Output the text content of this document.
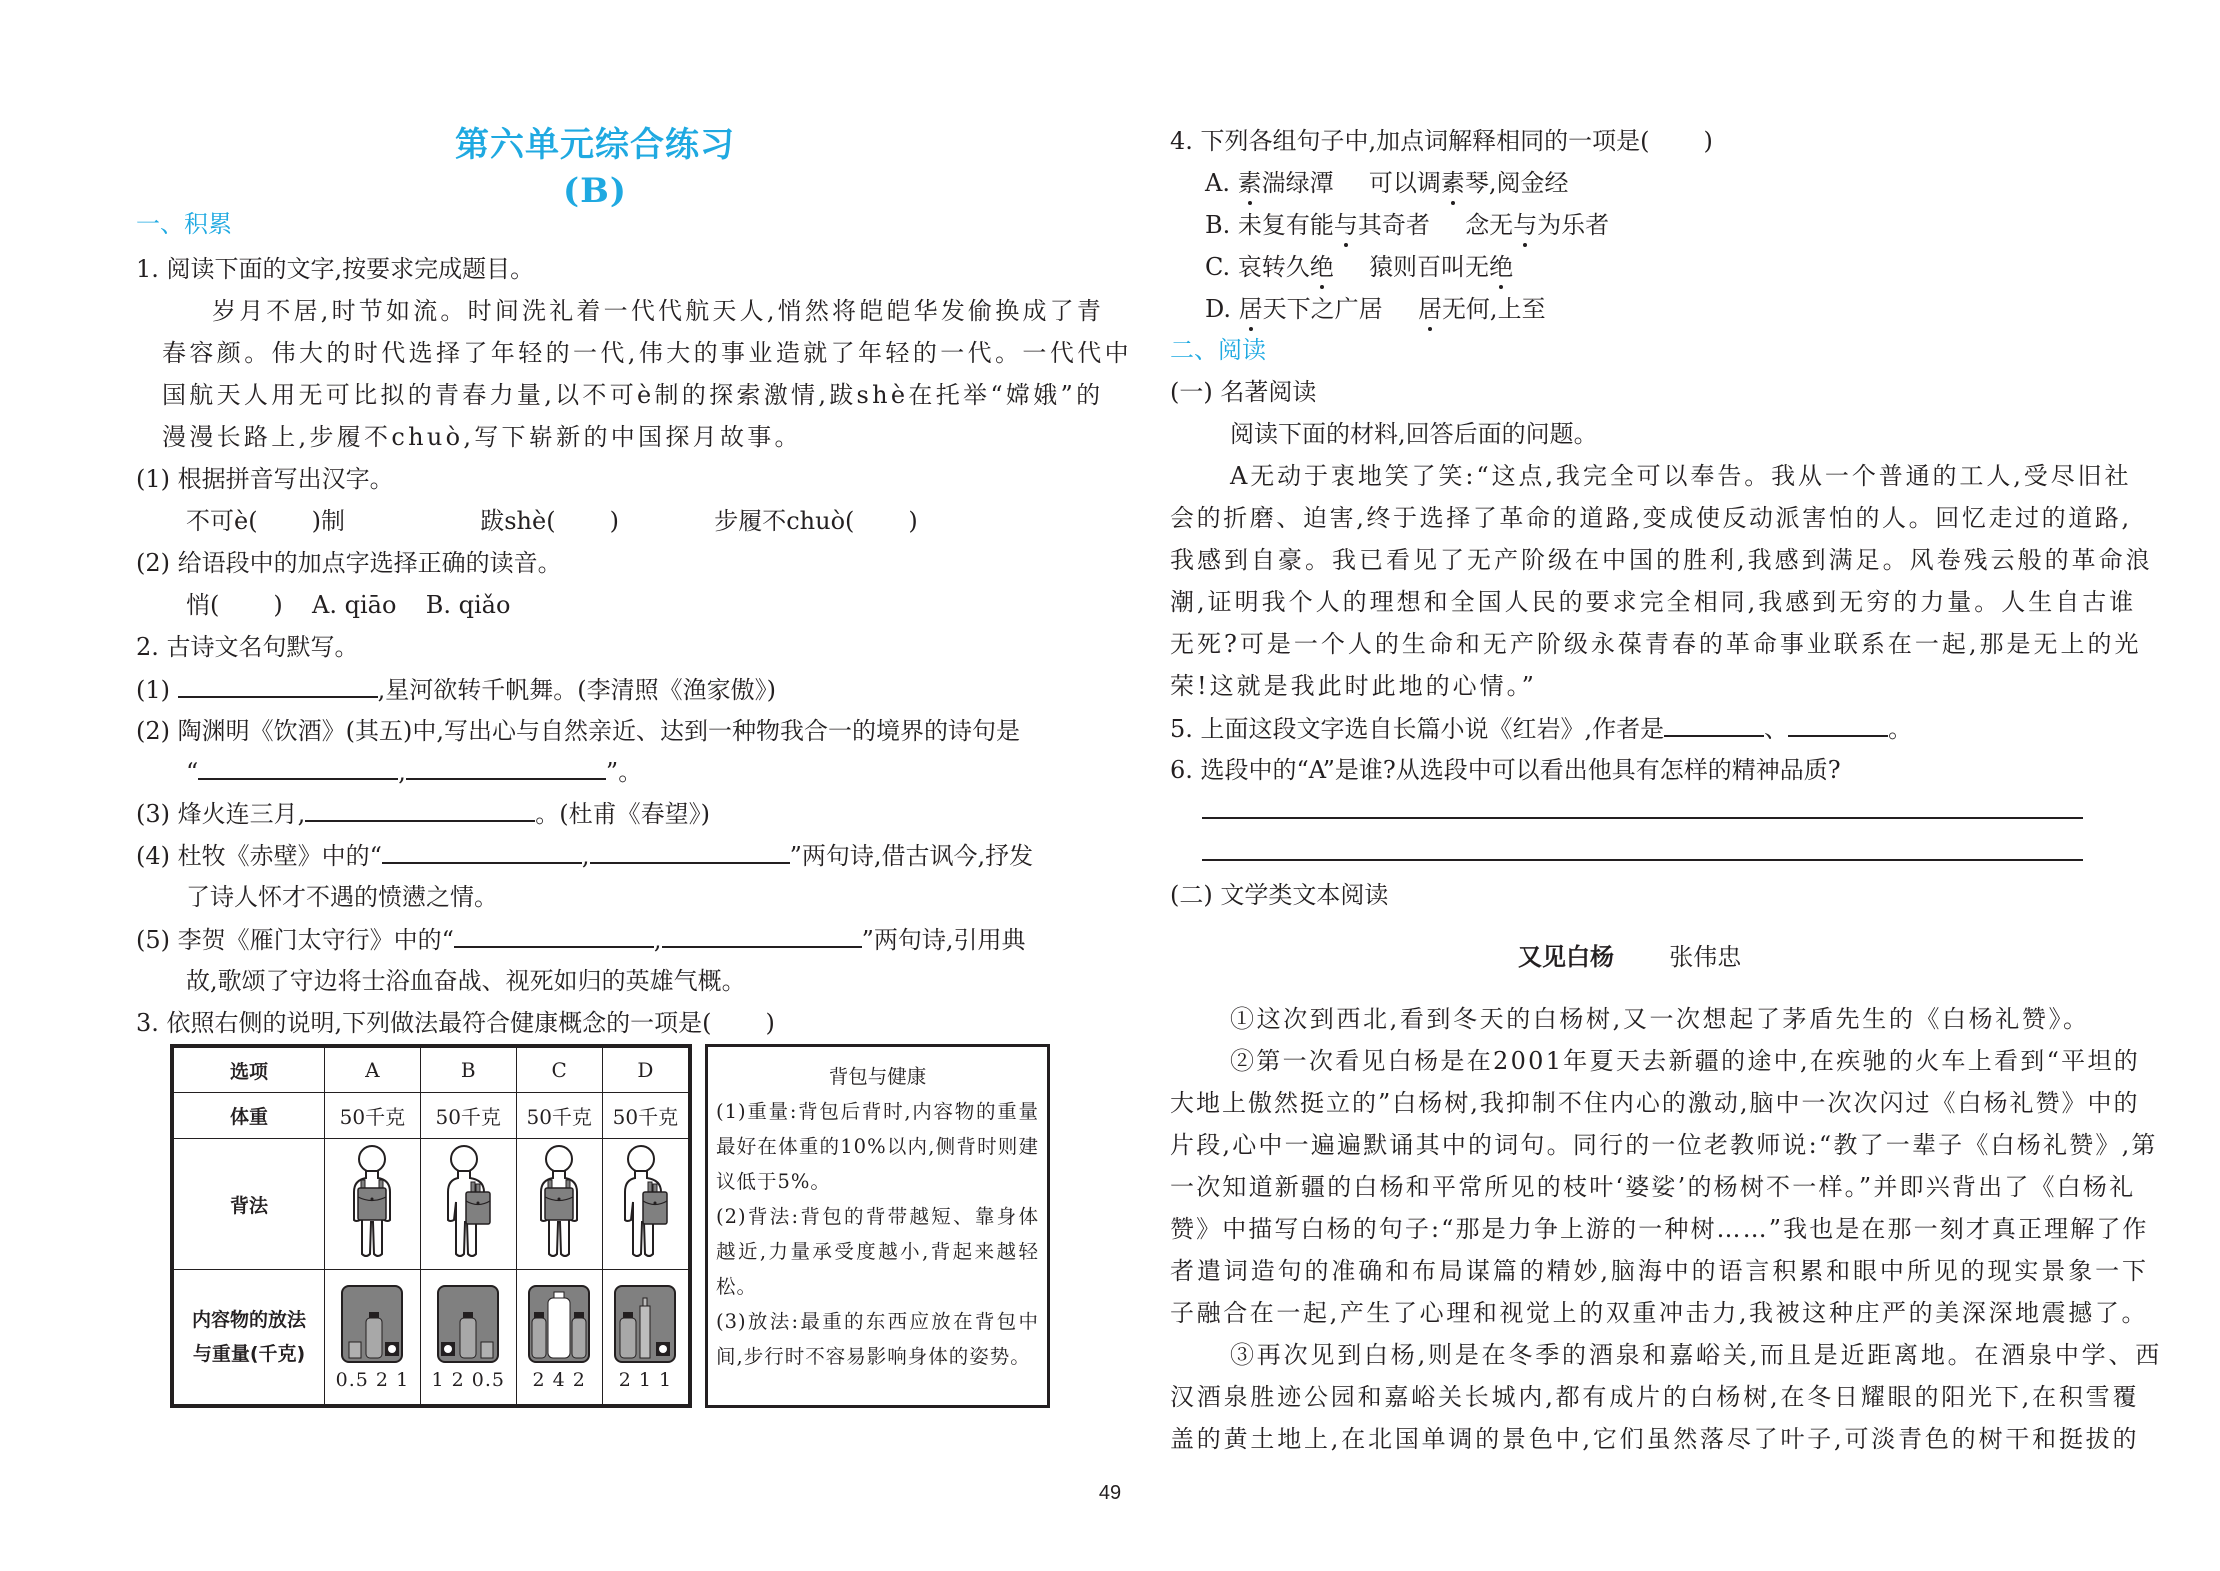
第六单元综合练习(B)
一、积累
1. 阅读下面的文字,按要求完成题目。
岁月不居,时节如流。时间洗礼着一代代航天人,悄然将皑皑华发偷换成了青
春容颜。伟大的时代选择了年轻的一代,伟大的事业造就了年轻的一代。一代代中
国航天人用无可比拟的青春力量,以不可è制的探索激情,跋shè在托举“嫦娥”的
漫漫长路上,步履不chuò,写下崭新的中国探月故事。
(1) 根据拼音写出汉字。
不可è( )制	跋shè( )	步履不chuò( )
(2) 给语段中的加点字选择正确的读音。
悄( ) A. qiāo B. qiǎo
2. 古诗文名句默写。
(1)	,星河欲转千帆舞。(李清照《渔家傲》)
(2) 陶渊明《饮酒》(其五)中,写出心与自然亲近、达到一种物我合一的境界的诗句是
“	,	”。
(3) 烽火连三月,	。(杜甫《春望》)
(4) 杜牧《赤壁》中的“	,	”两句诗,借古讽今,抒发
了诗人怀才不遇的愤懑之情。
(5) 李贺《雁门太守行》中的“	,	”两句诗,引用典
故,歌颂了守边将士浴血奋战、视死如归的英雄气概。
3. 依照右侧的说明,下列做法最符合健康概念的一项是( )
选项	A	B	C	D
体重	50千克	50千克	50千克	50千克
背法				

内容物的放法
与重量(千克)	0.5 2 1	1 2 0.5	2 4 2	2 1 1
背包与健康
(1)重量:背包后背时,内容物的重量最好在体重的10%以内,侧背时则建议低于5%。
(2)背法:背包的背带越短、靠身体越近,力量承受度越小,背起来越轻松。
(3)放法:最重的东西应放在背包中间,步行时不容易影响身体的姿势。
4. 下列各组句子中,加点词解释相同的一项是( )
A. 素湍绿潭 可以调素琴,阅金经
B. 未复有能与其奇者 念无与为乐者
C. 哀转久绝 猿则百叫无绝
D. 居天下之广居 居无何,上至
二、阅读
(一) 名著阅读
阅读下面的材料,回答后面的问题。
A无动于衷地笑了笑:“这点,我完全可以奉告。我从一个普通的工人,受尽旧社
会的折磨、迫害,终于选择了革命的道路,变成使反动派害怕的人。回忆走过的道路,
我感到自豪。我已看见了无产阶级在中国的胜利,我感到满足。风卷残云般的革命浪
潮,证明我个人的理想和全国人民的要求完全相同,我感到无穷的力量。人生自古谁
无死?可是一个人的生命和无产阶级永葆青春的革命事业联系在一起,那是无上的光
荣!这就是我此时此地的心情。”
5. 上面这段文字选自长篇小说《红岩》,作者是	、	。
6. 选段中的“A”是谁?从选段中可以看出他具有怎样的精神品质?
(二) 文学类文本阅读
又见白杨 张伟忠
①这次到西北,看到冬天的白杨树,又一次想起了茅盾先生的《白杨礼赞》。
②第一次看见白杨是在2001年夏天去新疆的途中,在疾驰的火车上看到“平坦的
大地上傲然挺立的”白杨树,我抑制不住内心的激动,脑中一次次闪过《白杨礼赞》中的
片段,心中一遍遍默诵其中的词句。同行的一位老教师说:“教了一辈子《白杨礼赞》,第
一次知道新疆的白杨和平常所见的枝叶‘婆娑’的杨树不一样。”并即兴背出了《白杨礼
赞》中描写白杨的句子:“那是力争上游的一种树……”我也是在那一刻才真正理解了作
者遣词造句的准确和布局谋篇的精妙,脑海中的语言积累和眼中所见的现实景象一下
子融合在一起,产生了心理和视觉上的双重冲击力,我被这种庄严的美深深地震撼了。
③再次见到白杨,则是在冬季的酒泉和嘉峪关,而且是近距离地。在酒泉中学、西
汉酒泉胜迹公园和嘉峪关长城内,都有成片的白杨树,在冬日耀眼的阳光下,在积雪覆
盖的黄土地上,在北国单调的景色中,它们虽然落尽了叶子,可淡青色的树干和挺拔的
49
